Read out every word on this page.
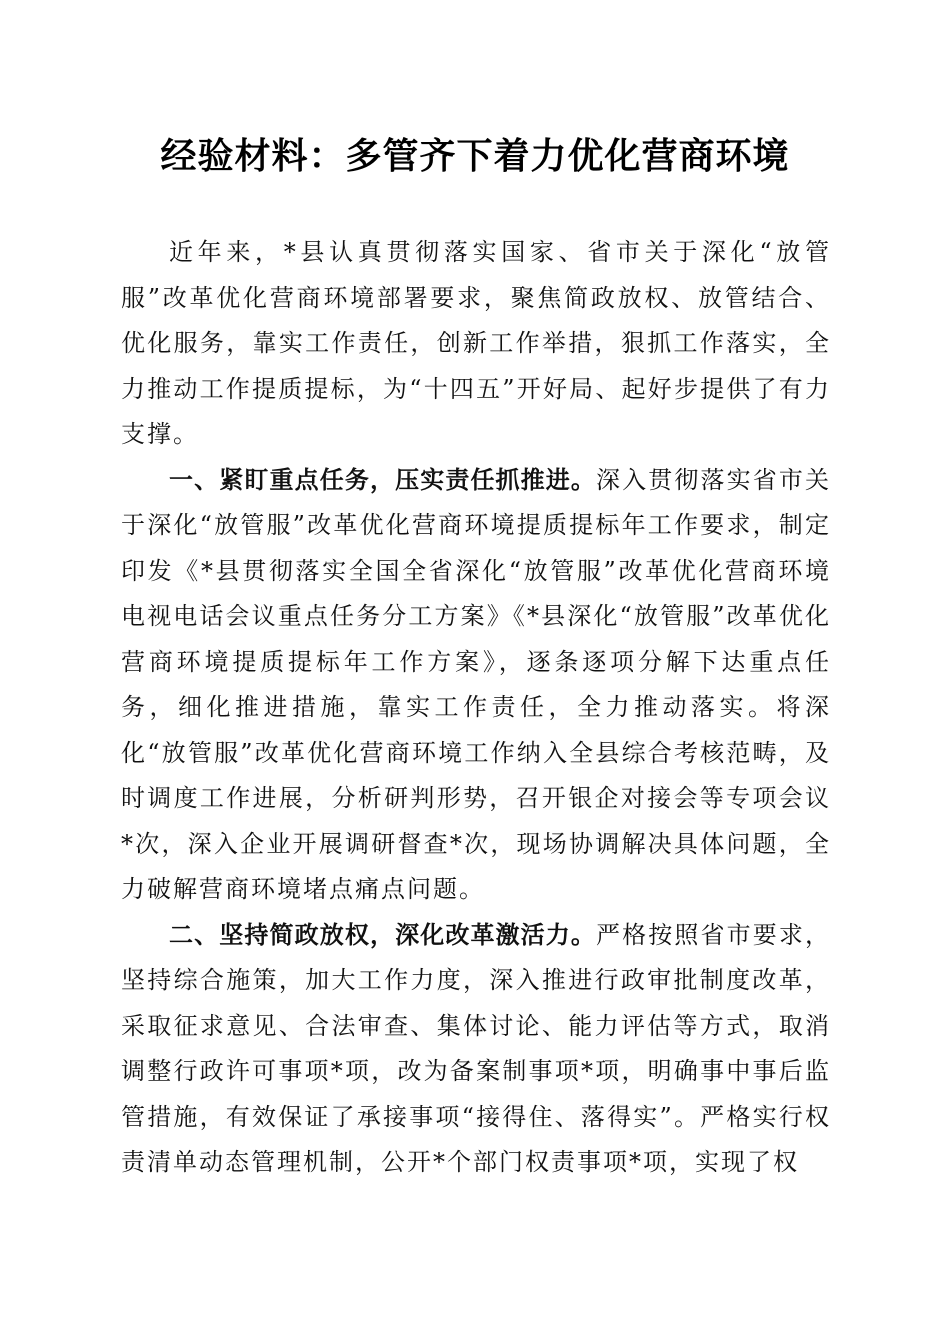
经验材料：多管齐下着力优化营商环境

近年来，*县认真贯彻落实国家、省市关于深化“放管服”改革优化营商环境部署要求，聚焦简政放权、放管结合、优化服务，靠实工作责任，创新工作举措，狠抓工作落实，全力推动工作提质提标，为“十四五”开好局、起好步提供了有力支撑。

一、紧盯重点任务，压实责任抓推进。深入贯彻落实省市关于深化“放管服”改革优化营商环境提质提标年工作要求，制定印发《*县贯彻落实全国全省深化“放管服”改革优化营商环境电视电话会议重点任务分工方案》《*县深化“放管服”改革优化营商环境提质提标年工作方案》，逐条逐项分解下达重点任务，细化推进措施，靠实工作责任，全力推动落实。将深化“放管服”改革优化营商环境工作纳入全县综合考核范畴，及时调度工作进展，分析研判形势，召开银企对接会等专项会议*次，深入企业开展调研督查*次，现场协调解决具体问题，全力破解营商环境堵点痛点问题。

二、坚持简政放权，深化改革激活力。严格按照省市要求，坚持综合施策，加大工作力度，深入推进行政审批制度改革，采取征求意见、合法审查、集体讨论、能力评估等方式，取消调整行政许可事项*项，改为备案制事项*项，明确事中事后监管措施，有效保证了承接事项“接得住、落得实”。严格实行权责清单动态管理机制，公开*个部门权责事项*项，实现了权
